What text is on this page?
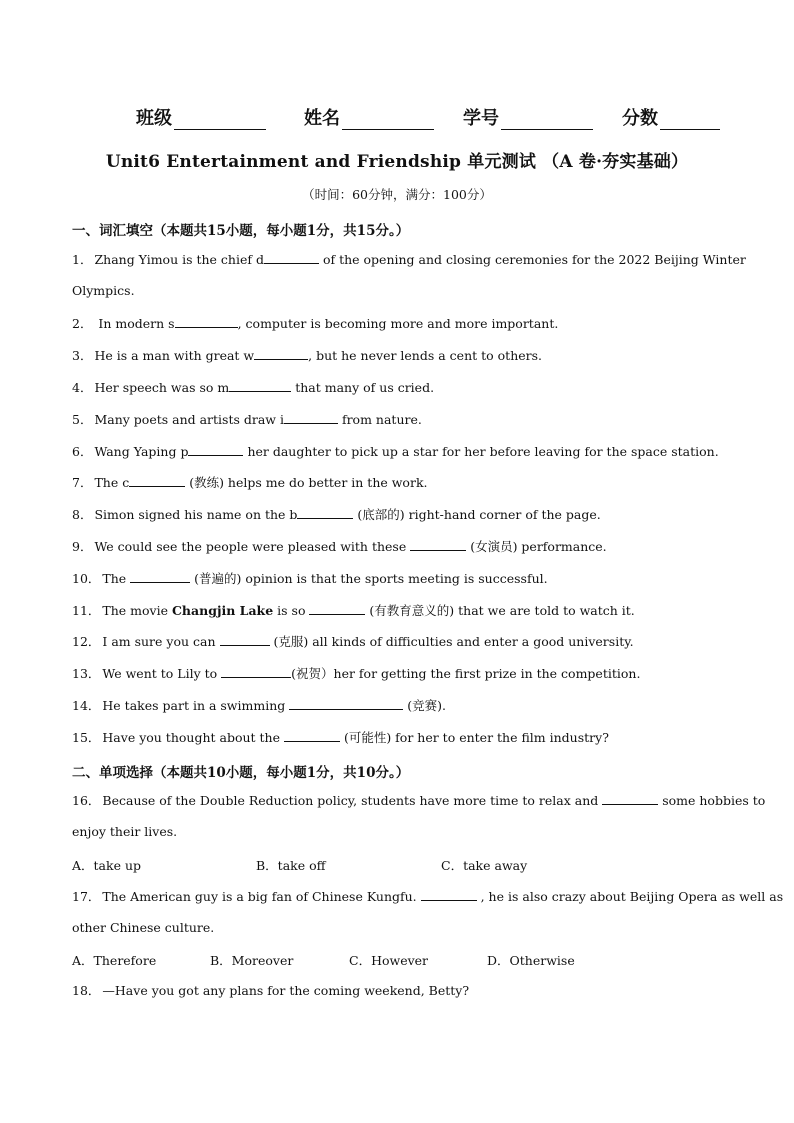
班级	姓名	学号	分数
Unit6 Entertainment and Friendship 单元测试 （A 卷·夯实基础）
（时间：60分钟，满分：100分）
一、词汇填空（本题共15小题，每小题1分，共15分。）
1． Zhang Yimou is the chief d	of the opening and closing ceremonies for the 2022 Beijing Winter
Olympics.
2． In modern s	, computer is becoming more and more important.
3． He is a man with great w	, but he never lends a cent to others.
4． Her speech was so m	that many of us cried.
5． Many poets and artists draw i	from nature.
6． Wang Yaping p	her daughter to pick up a star for her before leaving for the space station.
7． The c	(教练) helps me do better in the work.
8． Simon signed his name on the b	(底部的) right-hand corner of the page.
9． We could see the people were pleased with these	(女演员) performance.
10． The	(普遍的) opinion is that the sports meeting is successful.
11． The movie Changjin Lake is so	(有教育意义的) that we are told to watch it.
12． I am sure you can	(克服) all kinds of difficulties and enter a good university.
13． We went to Lily to	(祝贺）her for getting the first prize in the competition.
14． He takes part in a swimming	(竞赛).
15． Have you thought about the	(可能性) for her to enter the film industry?
二、单项选择（本题共10小题，每小题1分，共10分。）
16． Because of the Double Reduction policy, students have more time to relax and	some hobbies to
enjoy their lives.
A．take up	B．take off	C．take away
17． The American guy is a big fan of Chinese Kungfu.	, he is also crazy about Beijing Opera as well as
other Chinese culture.
A．Therefore	B．Moreover	C．However	D．Otherwise
18． —Have you got any plans for the coming weekend, Betty?
